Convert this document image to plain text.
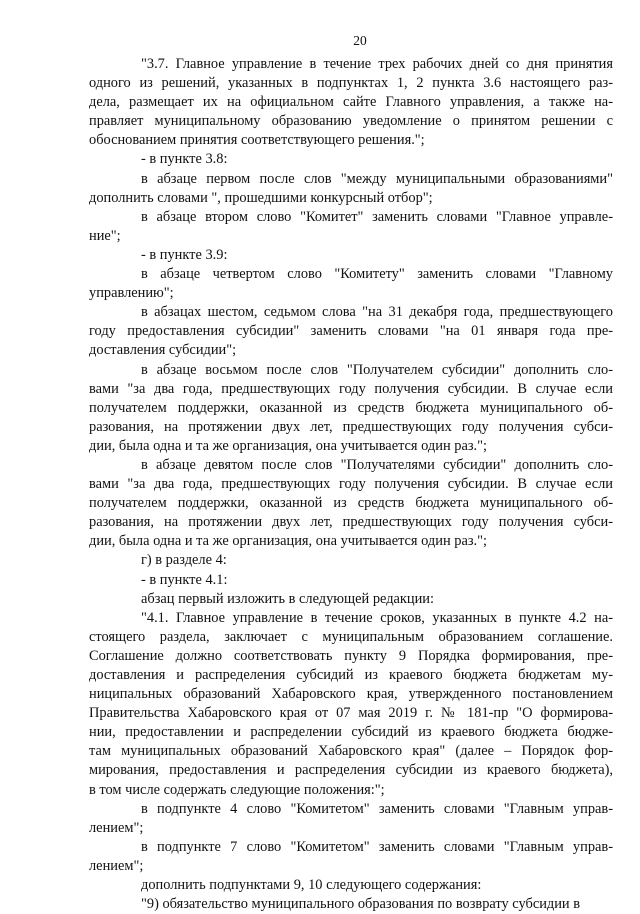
20
"3.7. Главное управление в течение трех рабочих дней со дня принятия
одного из решений, указанных в подпунктах 1, 2 пункта 3.6 настоящего раз-
дела, размещает их на официальном сайте Главного управления, а также на-
правляет муниципальному образованию уведомление о принятом решении с
обоснованием принятия соответствующего решения.";
- в пункте 3.8:
в абзаце первом после слов "между муниципальными образованиями"
дополнить словами ", прошедшими конкурсный отбор";
в абзаце втором слово "Комитет" заменить словами "Главное управле-
ние";
- в пункте 3.9:
в абзаце четвертом слово "Комитету" заменить словами "Главному
управлению";
в абзацах шестом, седьмом слова "на 31 декабря года, предшествующего
году предоставления субсидии" заменить словами "на 01 января года пре-
доставления субсидии";
в абзаце восьмом после слов "Получателем субсидии" дополнить сло-
вами "за два года, предшествующих году получения субсидии. В случае если
получателем поддержки, оказанной из средств бюджета муниципального об-
разования, на протяжении двух лет, предшествующих году получения субси-
дии, была одна и та же организация, она учитывается один раз.";
в абзаце девятом после слов "Получателями субсидии" дополнить сло-
вами "за два года, предшествующих году получения субсидии. В случае если
получателем поддержки, оказанной из средств бюджета муниципального об-
разования, на протяжении двух лет, предшествующих году получения субси-
дии, была одна и та же организация, она учитывается один раз.";
г) в разделе 4:
- в пункте 4.1:
абзац первый изложить в следующей редакции:
"4.1. Главное управление в течение сроков, указанных в пункте 4.2 на-
стоящего раздела, заключает с муниципальным образованием соглашение.
Соглашение должно соответствовать пункту 9 Порядка формирования, пре-
доставления и распределения субсидий из краевого бюджета бюджетам му-
ниципальных образований Хабаровского края, утвержденного постановлением
Правительства Хабаровского края от 07 мая 2019 г. № 181-пр "О формирова-
нии, предоставлении и распределении субсидий из краевого бюджета бюдже-
там муниципальных образований Хабаровского края" (далее – Порядок фор-
мирования, предоставления и распределения субсидии из краевого бюджета),
в том числе содержать следующие положения:";
в подпункте 4 слово "Комитетом" заменить словами "Главным управ-
лением";
в подпункте 7 слово "Комитетом" заменить словами "Главным управ-
лением";
дополнить подпунктами 9, 10 следующего содержания:
"9) обязательство муниципального образования по возврату субсидии в
